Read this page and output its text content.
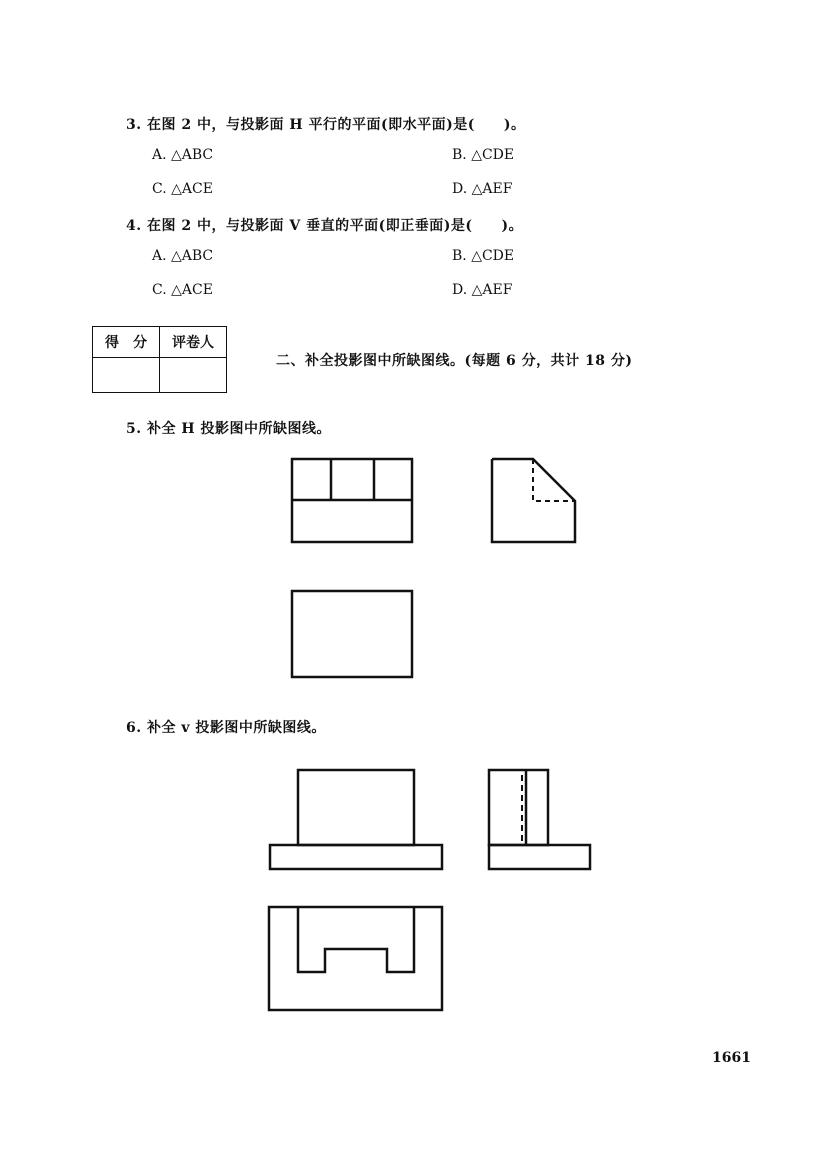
3. 在图 2 中，与投影面 H 平行的平面(即水平面)是(　　)。
A. △ABC	B. △CDE
C. △ACE	D. △AEF
4. 在图 2 中，与投影面 V 垂直的平面(即正垂面)是(　　)。
A. △ABC	B. △CDE
C. △ACE	D. △AEF
得　分	评卷人

二、补全投影图中所缺图线。(每题 6 分，共计 18 分)
5. 补全 H 投影图中所缺图线。
6. 补全 v 投影图中所缺图线。
1661
